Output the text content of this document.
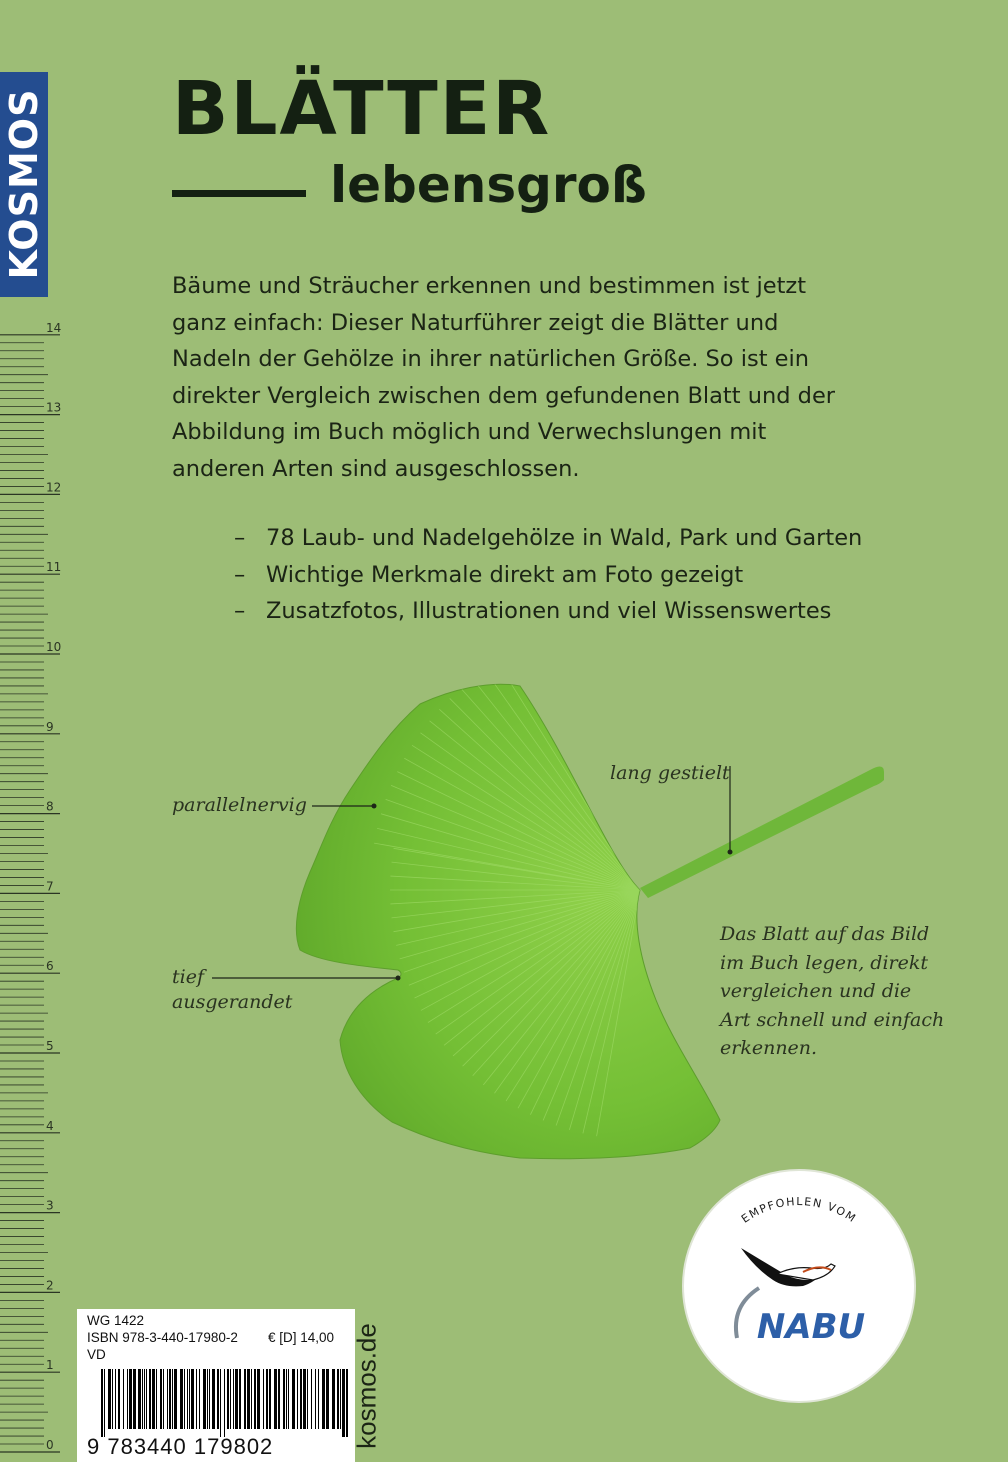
KOSMOS
14
13
12
11
10
9
8
7
6
5
4
3
2
1
0
BLÄTTER
lebensgroß

Bäume und Sträucher erkennen und bestimmen ist jetzt ganz einfach: Dieser Naturführer zeigt die Blätter und Nadeln der Gehölze in ihrer natürlichen Größe. So ist ein direkter Vergleich zwischen dem gefundenen Blatt und der Abbildung im Buch möglich und Verwechslungen mit anderen Arten sind ausgeschlossen.

– 78 Laub- und Nadelgehölze in Wald, Park und Garten
– Wichtige Merkmale direkt am Foto gezeigt
– Zusatzfotos, Illustrationen und viel Wissenswertes

parallelnervig

lang gestielt

tief

ausgerandet

Das Blatt auf das Bild

im Buch legen, direkt

vergleichen und die

Art schnell und einfach

erkennen.

EMPFOHLEN VOM
NABU
WG 1422
ISBN 978-3-440-17980-2 € [D] 14,00
VD
9 783440 179802	kosmos.de
